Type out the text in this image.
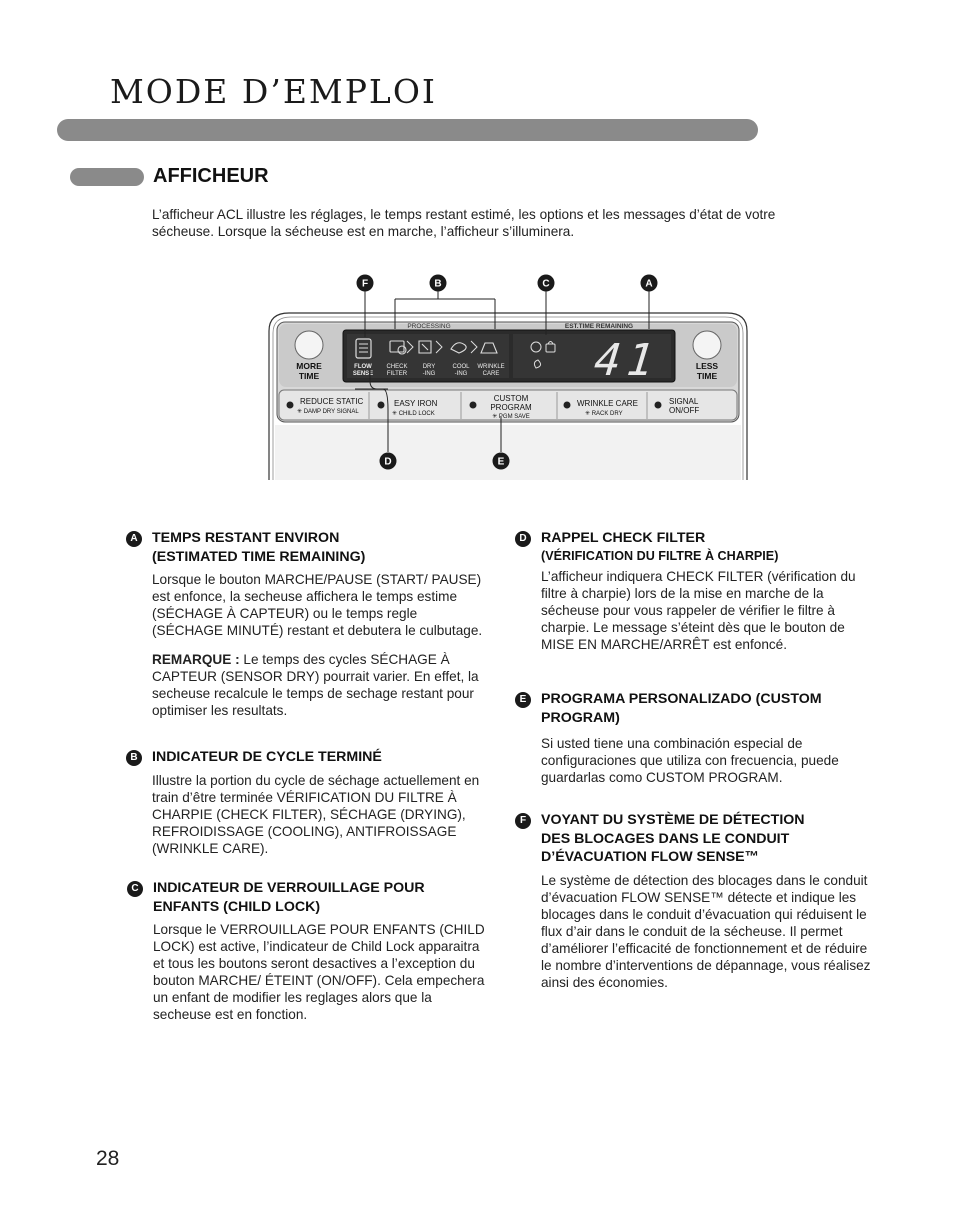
MODE D’EMPLOI
AFFICHEUR
L’afficheur ACL illustre les réglages, le temps restant estimé, les options et les messages d’état de votre sécheuse. Lorsque la sécheuse est en marche, l’afficheur s’illuminera.
MORE
TIME
LESS
TIME
FLOW
SENSE
CHECK
FILTER
DRY
-ING
COOL
-ING
WRINKLE
CARE 41
PROCESSING	EST.TIME REMAINING
REDUCE STATIC
✳ DAMP DRY SIGNAL
EASY IRON
✳ CHILD LOCK
CUSTOM
PROGRAM
✳ PGM SAVE
WRINKLE CARE
✳ RACK DRY
SIGNAL
ON/OFF
F	B	C	A
D	E
A	TEMPS RESTANT ENVIRON
(ESTIMATED TIME REMAINING)

Lorsque le bouton MARCHE/PAUSE (START/ PAUSE) est enfonce, la secheuse affichera le temps estime (SÉCHAGE À CAPTEUR) ou le temps regle (SÉCHAGE MINUTÉ) restant et debutera le culbutage.

REMARQUE : Le temps des cycles SÉCHAGE À CAPTEUR (SENSOR DRY) pourrait varier. En effet, la secheuse recalcule le temps de sechage restant pour optimiser les resultats.

B	INDICATEUR DE CYCLE TERMINÉ

Illustre la portion du cycle de séchage actuellement en train d’être terminée VÉRIFICATION DU FILTRE À CHARPIE (CHECK FILTER), SÉCHAGE (DRYING), REFROIDISSAGE (COOLING), ANTIFROISSAGE (WRINKLE CARE).

C	INDICATEUR DE VERROUILLAGE POUR
ENFANTS (CHILD LOCK)

Lorsque le VERROUILLAGE POUR ENFANTS (CHILD LOCK) est active, l’indicateur de Child Lock apparaitra et tous les boutons seront desactives a l’exception du bouton MARCHE/ ÉTEINT (ON/OFF). Cela empechera un enfant de modifier les reglages alors que la secheuse est en fonction.

D	RAPPEL CHECK FILTER
(VÉRIFICATION DU FILTRE À CHARPIE)

L’afficheur indiquera CHECK FILTER (vérification du filtre à charpie) lors de la mise en marche de la sécheuse pour vous rappeler de vérifier le filtre à charpie. Le message s’éteint dès que le bouton de MISE EN MARCHE/ARRÊT est enfoncé.

E	PROGRAMA PERSONALIZADO (CUSTOM
PROGRAM)

Si usted tiene una combinación especial de configuraciones que utiliza con frecuencia, puede guardarlas como CUSTOM PROGRAM.

F	VOYANT DU SYSTÈME DE DÉTECTION
DES BLOCAGES DANS LE CONDUIT
D’ÉVACUATION FLOW SENSE™

Le système de détection des blocages dans le conduit d’évacuation FLOW SENSE™ détecte et indique les blocages dans le conduit d’évacuation qui réduisent le flux d’air dans le conduit de la sécheuse. Il permet d’améliorer l’efficacité de fonctionnement et de réduire le nombre d’interventions de dépannage, vous réalisez ainsi des économies.

28
